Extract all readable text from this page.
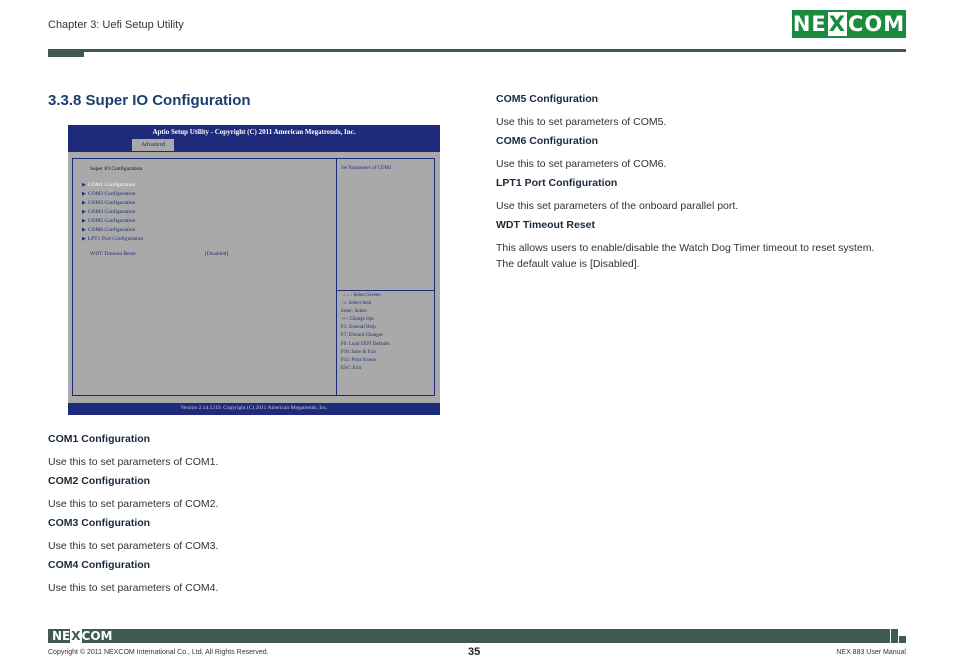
Chapter 3: Uefi Setup Utility	NEXCOM
3.3.8 Super IO Configuration
Aptio Setup Utility - Copyright (C) 2011 American Megatrends, Inc.
Advanced
Super IO Configuration
▶ COM1 Configuration
▶ COM2 Configuration
▶ COM3 Configuration
▶ COM4 Configuration
▶ COM5 Configuration
▶ COM6 Configuration
▶ LPT1 Port Configuration
WDT Timeout Reset	[Disabled]
Set Parameters of COM1
→←: Select Screen
↑↓: Select Item
Enter: Select
+/-: Change Opt.
F1: General Help
F7: Discard Changes
F9: Load UEFI Defaults
F10: Save & Exit
F12: Print Screen
ESC: Exit
Version 2.14.1219. Copyright (C) 2011 American Megatrends, Inc.
COM1 Configuration
Use this to set parameters of COM1.
COM2 Configuration
Use this to set parameters of COM2.
COM3 Configuration
Use this to set parameters of COM3.
COM4 Configuration
Use this to set parameters of COM4.
COM5 Configuration
Use this to set parameters of COM5.
COM6 Configuration
Use this to set parameters of COM6.
LPT1 Port Configuration
Use this set parameters of the onboard parallel port.
WDT Timeout Reset
This allows users to enable/disable the Watch Dog Timer timeout to reset system.
The default value is [Disabled].
NEXCOM
Copyright © 2011 NEXCOM International Co., Ltd. All Rights Reserved.	35	NEX 883 User Manual
